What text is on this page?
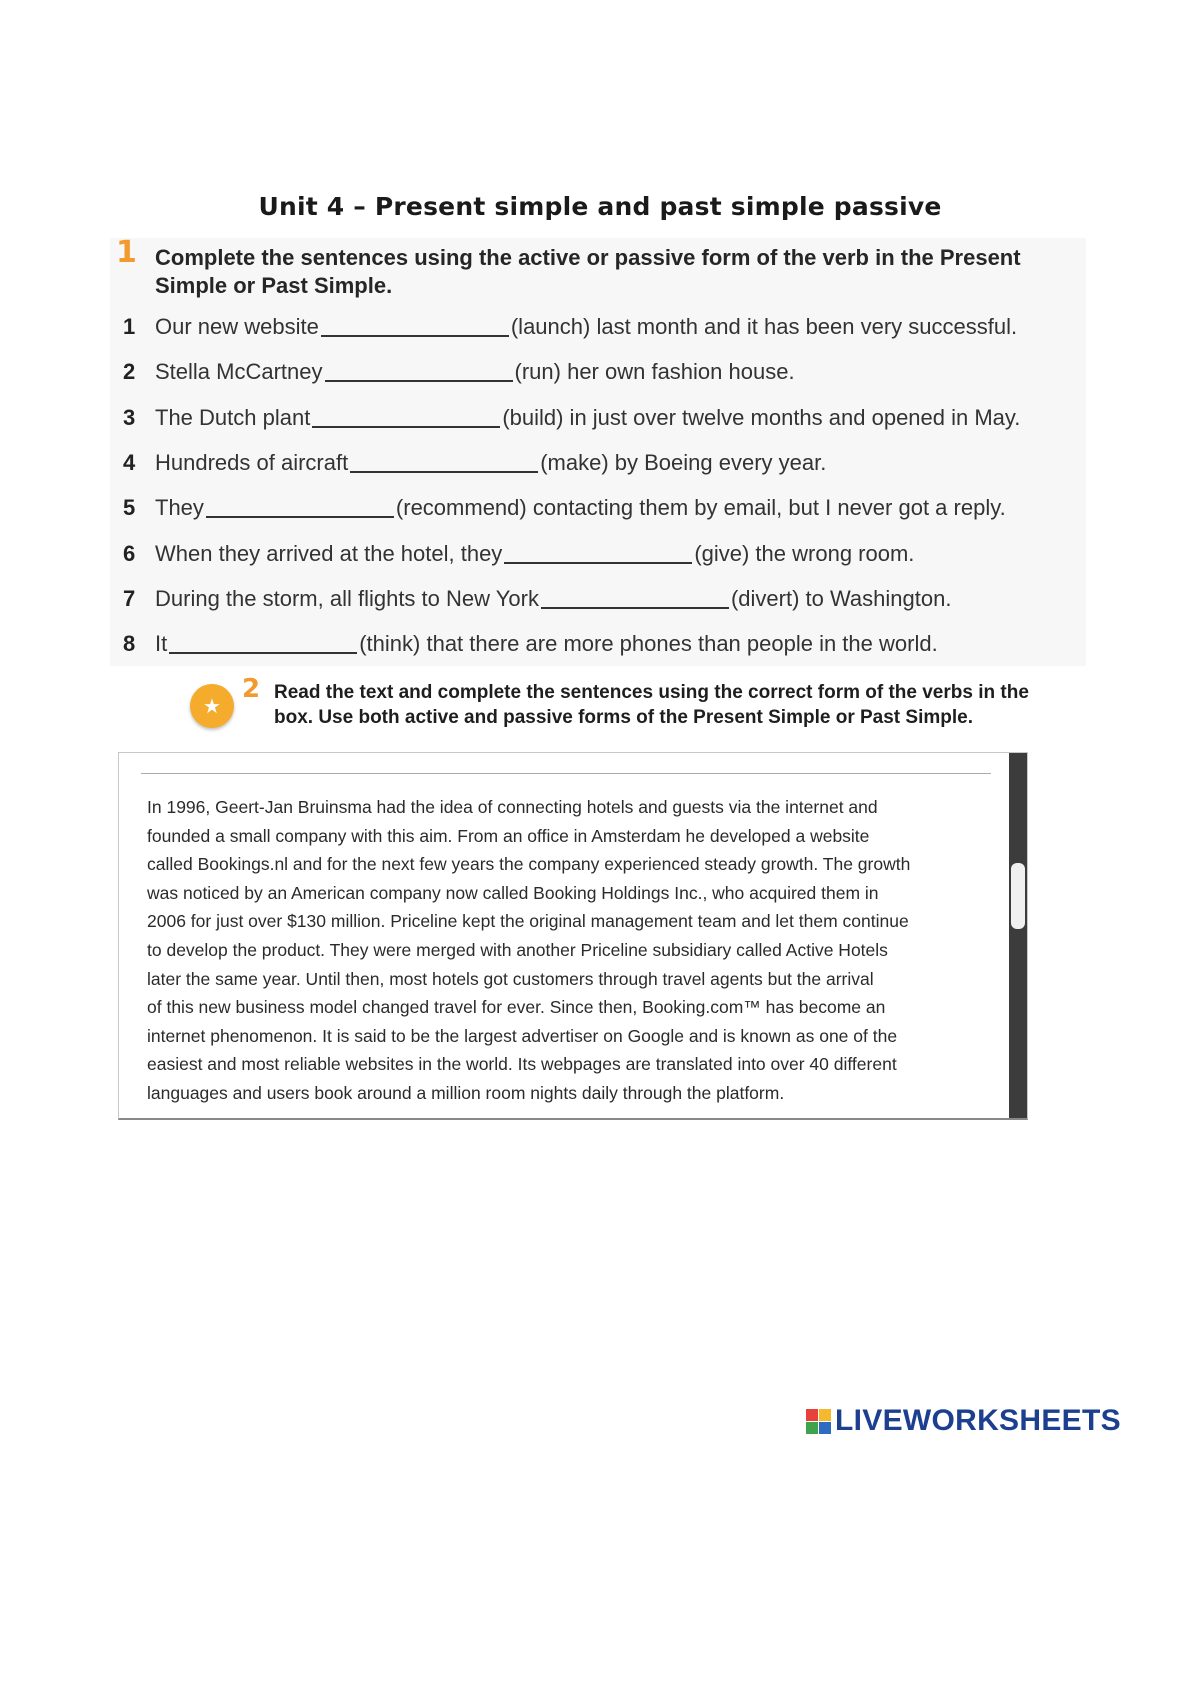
Unit 4 – Present simple and past simple passive
1 Complete the sentences using the active or passive form of the verb in the Present Simple or Past Simple.
1 Our new website	(launch) last month and it has been very successful.
2 Stella McCartney	(run) her own fashion house.
3 The Dutch plant	(build) in just over twelve months and opened in May.
4 Hundreds of aircraft	(make) by Boeing every year.
5 They	(recommend) contacting them by email, but I never got a reply.
6 When they arrived at the hotel, they	(give) the wrong room.
7 During the storm, all flights to New York	(divert) to Washington.
8 It	(think) that there are more phones than people in the world.
★
2 Read the text and complete the sentences using the correct form of the verbs in the box. Use both active and passive forms of the Present Simple or Past Simple.
In 1996, Geert-Jan Bruinsma had the idea of connecting hotels and guests via the internet and
founded a small company with this aim. From an office in Amsterdam he developed a website
called Bookings.nl and for the next few years the company experienced steady growth. The growth
was noticed by an American company now called Booking Holdings Inc., who acquired them in
2006 for just over $130 million. Priceline kept the original management team and let them continue
to develop the product. They were merged with another Priceline subsidiary called Active Hotels
later the same year. Until then, most hotels got customers through travel agents but the arrival
of this new business model changed travel for ever. Since then, Booking.com™ has become an
internet phenomenon. It is said to be the largest advertiser on Google and is known as one of the
easiest and most reliable websites in the world. Its webpages are translated into over 40 different
languages and users book around a million room nights daily through the platform.
LIVEWORKSHEETS
